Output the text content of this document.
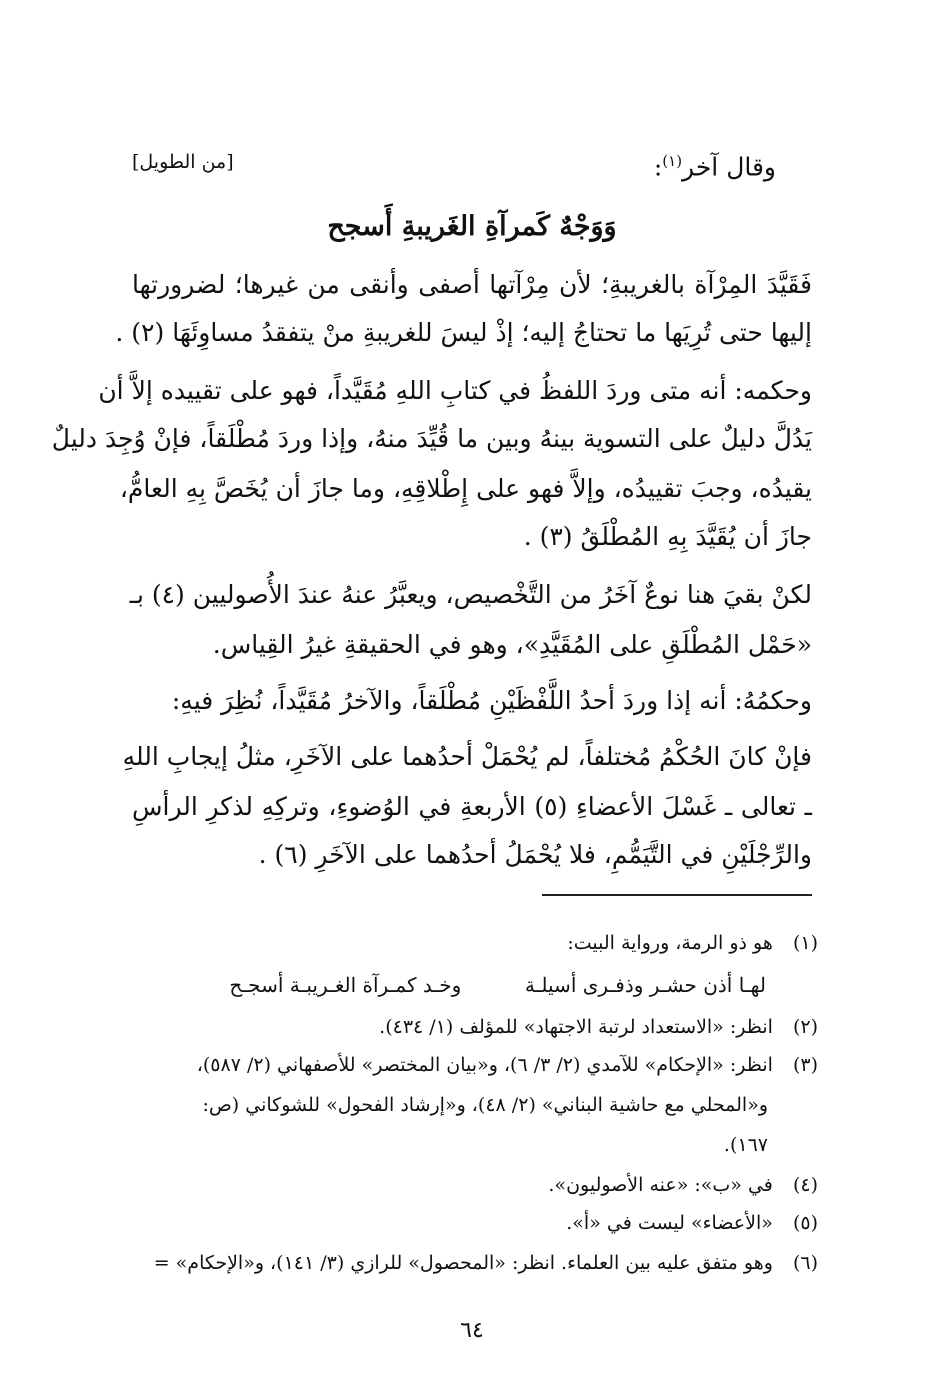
وقال آخر$^{(١)}$:
[من الطويل]
وَوَجْهٌ كَمرآةِ الغَريبةِ أَسجح
فَقَيَّدَ المِرْآة بالغريبةِ؛ لأن مِرْآتها أصفى وأنقى من غيرها؛ لضرورتها
إليها حتى تُرِيَها ما تحتاجُ إليه؛ إذْ ليسَ للغريبةِ منْ يتفقدُ مساوِئَهَا (٢) .
وحكمه: أنه متى وردَ اللفظُ في كتابِ اللهِ مُقَيَّداً، فهو على تقييده إلاَّ أن
يَدُلَّ دليلٌ على التسوية بينهُ وبين ما قُيِّدَ منهُ، وإذا وردَ مُطْلَقاً، فإنْ وُجِدَ دليلٌ
يقيدُه، وجبَ تقييدُه، وإلاَّ فهو على إِطْلاقِهِ، وما جازَ أن يُخَصَّ بِهِ العامُّ،
جازَ أن يُقَيَّدَ بِهِ المُطْلَقُ (٣) .
لكنْ بقيَ هنا نوعٌ آخَرُ من التَّخْصيص، ويعبَّرُ عنهُ عندَ الأُصوليين (٤) بـ
«حَمْل المُطْلَقِ على المُقَيَّدِ»، وهو في الحقيقةِ غيرُ القِياس.
وحكمُهُ: أنه إذا وردَ أحدُ اللَّفْظَيْنِ مُطْلَقاً، والآخرُ مُقَيَّداً، نُظِرَ فيهِ:
فإنْ كانَ الحُكْمُ مُختلفاً، لم يُحْمَلْ أحدُهما على الآخَرِ، مثلُ إيجابِ اللهِ
ـ تعالى ـ غَسْلَ الأعضاءِ (٥) الأربعةِ في الوُضوءِ، وتركِهِ لذكرِ الرأسِ
والرِّجْلَيْنِ في التَّيَمُّمِ، فلا يُحْمَلُ أحدُهما على الآخَرِ (٦) .
(١) هو ذو الرمة، ورواية البيت:
لهـا أذن حشـر وذفـرى أسيلـة          وخـد كمـرآة الغـريبـة أسجـح
(٢) انظر: «الاستعداد لرتبة الاجتهاد» للمؤلف (١/ ٤٣٤).
(٣) انظر: «الإحكام» للآمدي (٢/ ٣/ ٦)، و«بيان المختصر» للأصفهاني (٢/ ٥٨٧)،
و«المحلي مع حاشية البناني» (٢/ ٤٨)، و«إرشاد الفحول» للشوكاني (ص:
١٦٧).
(٤) في «ب»: «عنه الأصوليون».
(٥) «الأعضاء» ليست في «أ».
(٦) وهو متفق عليه بين العلماء. انظر: «المحصول» للرازي (٣/ ١٤١)، و«الإحكام» =
٦٤
